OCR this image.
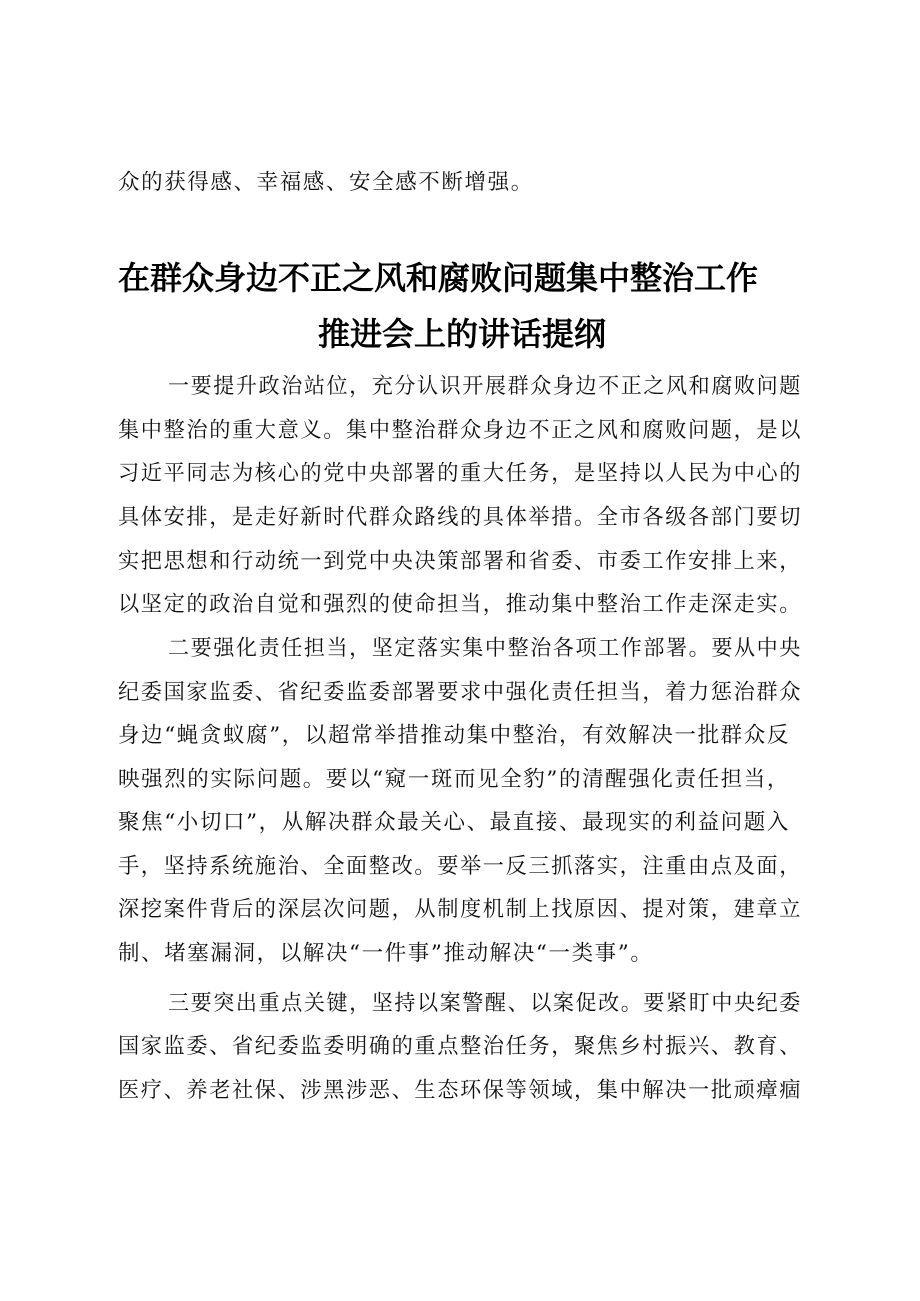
众的获得感、幸福感、安全感不断增强。
在群众身边不正之风和腐败问题集中整治工作
推进会上的讲话提纲
一要提升政治站位，充分认识开展群众身边不正之风和腐败问题
集中整治的重大意义。集中整治群众身边不正之风和腐败问题，是以
习近平同志为核心的党中央部署的重大任务，是坚持以人民为中心的
具体安排，是走好新时代群众路线的具体举措。全市各级各部门要切
实把思想和行动统一到党中央决策部署和省委、市委工作安排上来，
以坚定的政治自觉和强烈的使命担当，推动集中整治工作走深走实。
二要强化责任担当，坚定落实集中整治各项工作部署。要从中央
纪委国家监委、省纪委监委部署要求中强化责任担当，着力惩治群众
身边“蝇贪蚁腐”，以超常举措推动集中整治，有效解决一批群众反
映强烈的实际问题。要以“窥一斑而见全豹”的清醒强化责任担当，
聚焦“小切口”，从解决群众最关心、最直接、最现实的利益问题入
手，坚持系统施治、全面整改。要举一反三抓落实，注重由点及面，
深挖案件背后的深层次问题，从制度机制上找原因、提对策，建章立
制、堵塞漏洞，以解决“一件事”推动解决“一类事”。
三要突出重点关键，坚持以案警醒、以案促改。要紧盯中央纪委
国家监委、省纪委监委明确的重点整治任务，聚焦乡村振兴、教育、
医疗、养老社保、涉黑涉恶、生态环保等领域，集中解决一批顽瘴痼
